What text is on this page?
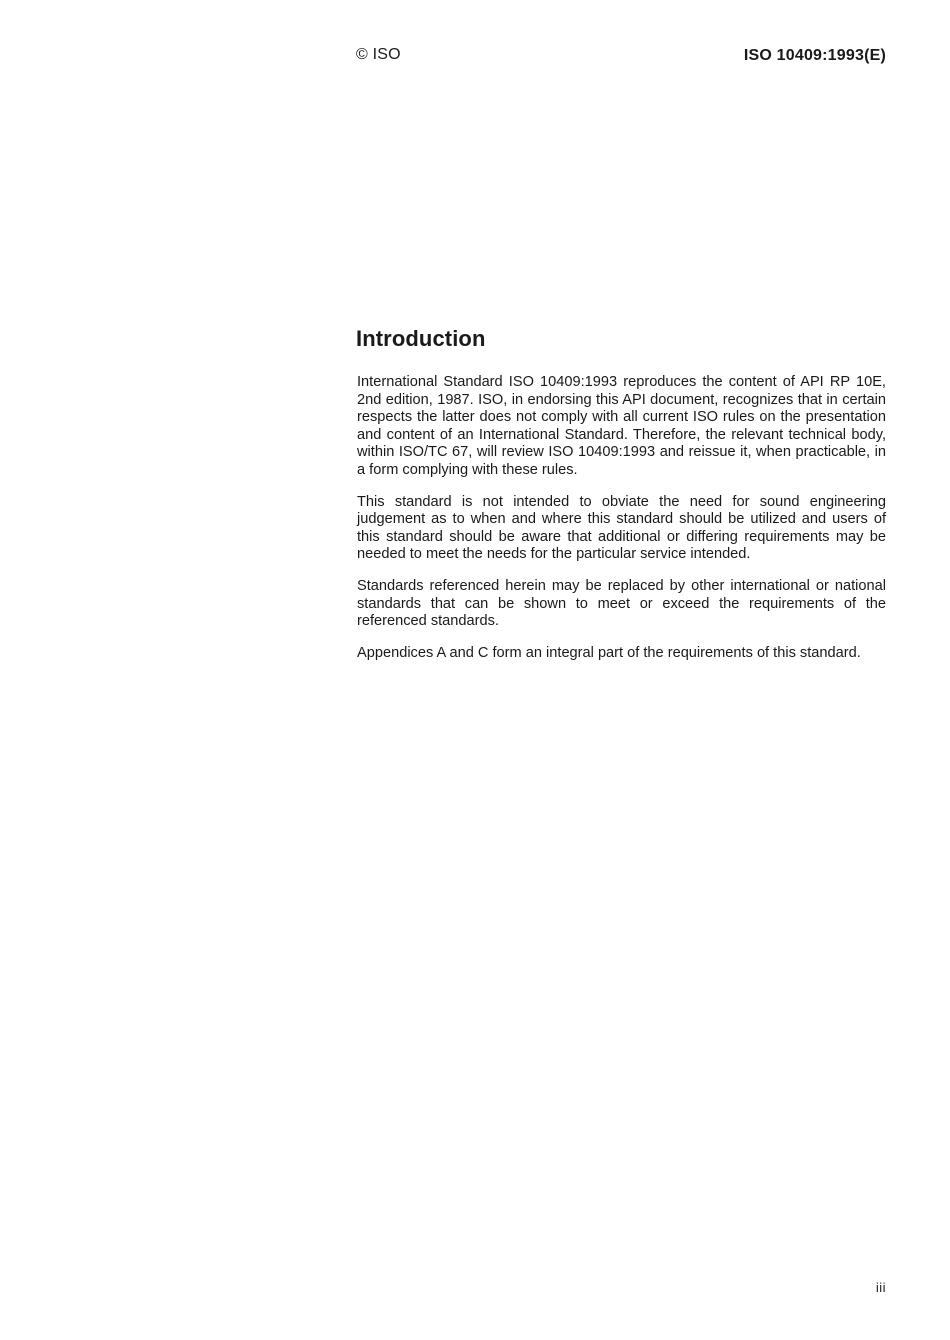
© ISO	ISO 10409:1993(E)
Introduction

International Standard ISO 10409:1993 reproduces the content of API RP 10E, 2nd edition, 1987. ISO, in endorsing this API document, recognizes that in certain respects the latter does not comply with all current ISO rules on the presentation and content of an International Standard. Therefore, the relevant technical body, within ISO/TC 67, will review ISO 10409:1993 and reissue it, when practicable, in a form complying with these rules.

This standard is not intended to obviate the need for sound engineering judgement as to when and where this standard should be utilized and users of this standard should be aware that additional or differing requirements may be needed to meet the needs for the particular service intended.

Standards referenced herein may be replaced by other international or national standards that can be shown to meet or exceed the requirements of the referenced standards.

Appendices A and C form an integral part of the requirements of this standard.

iii
